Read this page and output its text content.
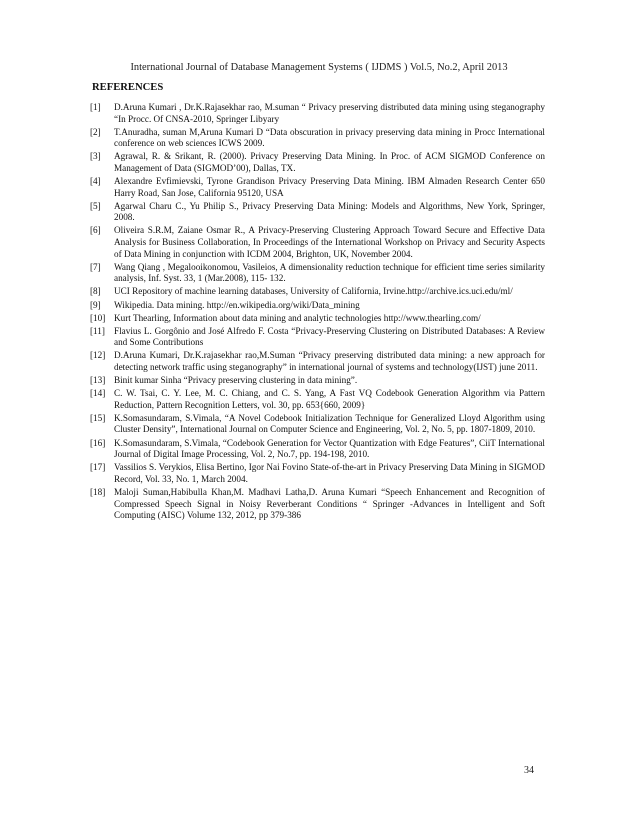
International Journal of Database Management Systems ( IJDMS ) Vol.5, No.2, April 2013
REFERENCES
[1]	D.Aruna Kumari , Dr.K.Rajasekhar rao, M.suman “ Privacy preserving distributed data mining using steganography “In Procc. Of CNSA-2010, Springer Libyary
[2]	T.Anuradha, suman M,Aruna Kumari D “Data obscuration in privacy preserving data mining in Procc International conference on web sciences ICWS 2009.
[3]	Agrawal, R. & Srikant, R. (2000). Privacy Preserving Data Mining. In Proc. of ACM SIGMOD Conference on Management of Data (SIGMOD’00), Dallas, TX.
[4]	Alexandre Evfimievski, Tyrone Grandison Privacy Preserving Data Mining. IBM Almaden Research Center 650 Harry Road, San Jose, California 95120, USA
[5]	Agarwal Charu C., Yu Philip S., Privacy Preserving Data Mining: Models and Algorithms, New York, Springer, 2008.
[6]	Oliveira S.R.M, Zaiane Osmar R., A Privacy-Preserving Clustering Approach Toward Secure and Effective Data Analysis for Business Collaboration, In Proceedings of the International Workshop on Privacy and Security Aspects of Data Mining in conjunction with ICDM 2004, Brighton, UK, November 2004.
[7]	Wang Qiang , Megalooikonomou, Vasileios, A dimensionality reduction technique for efficient time series similarity analysis, Inf. Syst. 33, 1 (Mar.2008), 115- 132.
[8]	UCI Repository of machine learning databases, University of California, Irvine.http://archive.ics.uci.edu/ml/
[9]	Wikipedia. Data mining. http://en.wikipedia.org/wiki/Data_mining
[10] Kurt Thearling, Information about data mining and analytic technologies http://www.thearling.com/
[11] Flavius L. Gorgônio and José Alfredo F. Costa “Privacy-Preserving Clustering on Distributed Databases: A Review and Some Contributions
[12] D.Aruna Kumari, Dr.K.rajasekhar rao,M.Suman “Privacy preserving distributed data mining: a new approach for detecting network traffic using steganography” in international journal of systems and technology(IJST) june 2011.
[13] Binit kumar Sinha “Privacy preserving clustering in data mining”.
[14] C. W. Tsai, C. Y. Lee, M. C. Chiang, and C. S. Yang, A Fast VQ Codebook Generation Algorithm via Pattern Reduction, Pattern Recognition Letters, vol. 30, pp. 653{660, 2009}
[15] K.Somasundaram, S.Vimala, “A Novel Codebook Initialization Technique for Generalized Lloyd Algorithm using Cluster Density”, International Journal on Computer Science and Engineering, Vol. 2, No. 5, pp. 1807-1809, 2010.
[16] K.Somasundaram, S.Vimala, “Codebook Generation for Vector Quantization with Edge Features”, CiiT International Journal of Digital Image Processing, Vol. 2, No.7, pp. 194-198, 2010.
[17] Vassilios S. Verykios, Elisa Bertino, Igor Nai Fovino State-of-the-art in Privacy Preserving Data Mining in SIGMOD Record, Vol. 33, No. 1, March 2004.
[18] Maloji Suman,Habibulla Khan,M. Madhavi Latha,D. Aruna Kumari “Speech Enhancement and Recognition of Compressed Speech Signal in Noisy Reverberant Conditions “ Springer -Advances in Intelligent and Soft Computing (AISC) Volume 132, 2012, pp 379-386
34
